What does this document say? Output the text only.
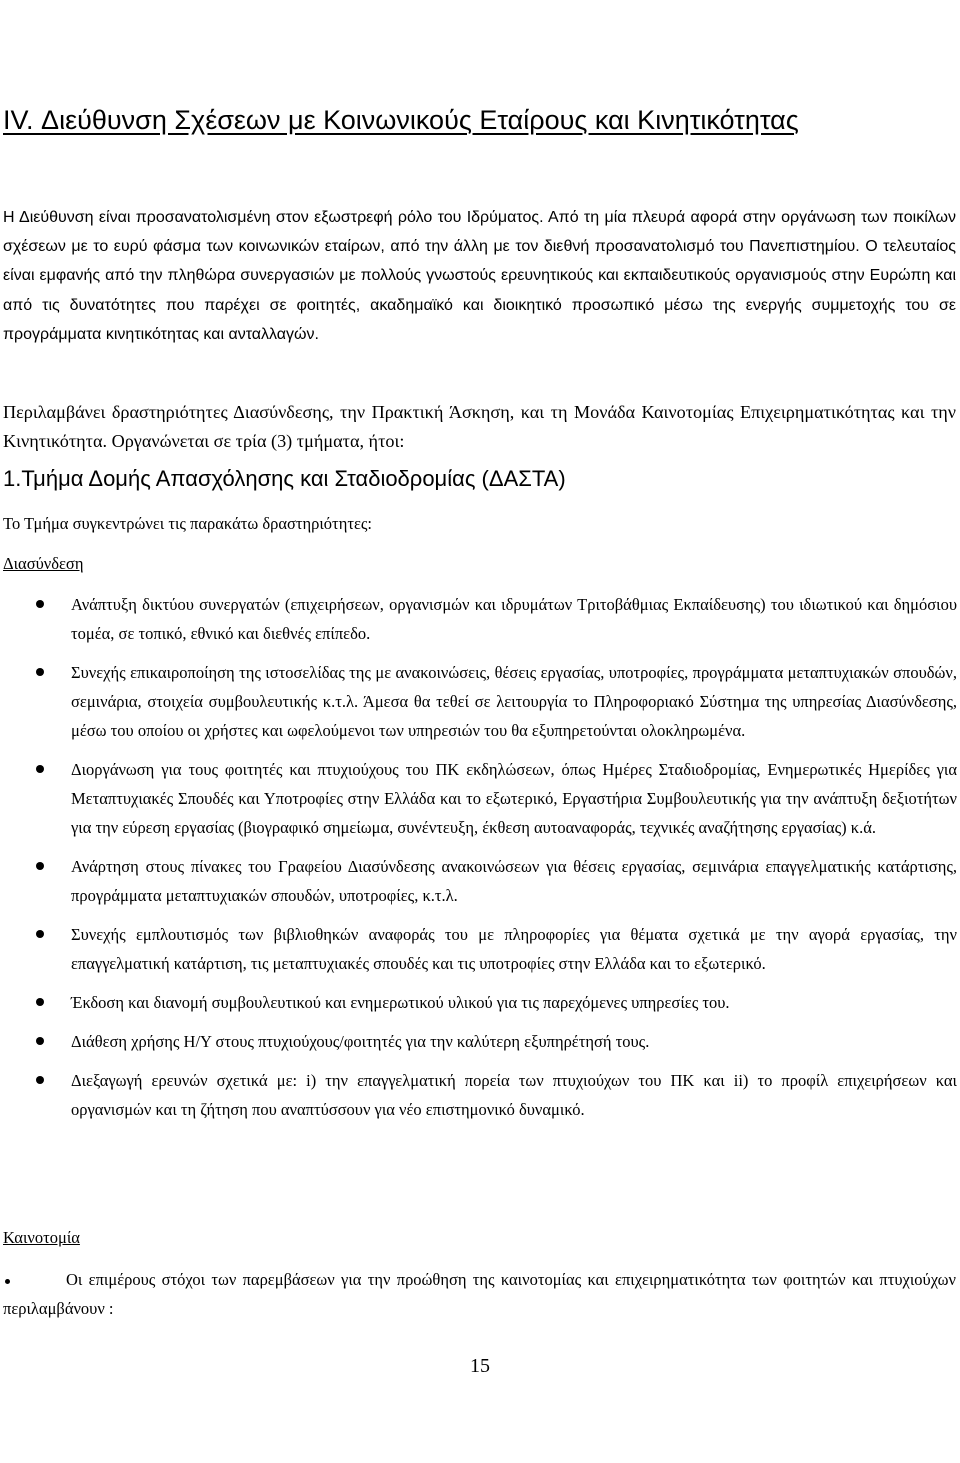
IV. Διεύθυνση Σχέσεων με Κοινωνικούς Εταίρους και Κινητικότητας

Η Διεύθυνση είναι προσανατολισμένη στον εξωστρεφή ρόλο του Ιδρύματος. Από τη μία πλευρά αφορά στην οργάνωση των ποικίλων σχέσεων με το ευρύ φάσμα των κοινωνικών εταίρων, από την άλλη με τον διεθνή προσανατολισμό του Πανεπιστημίου. Ο τελευταίος είναι εμφανής από την πληθώρα συνεργασιών με πολλούς γνωστούς ερευνητικούς και εκπαιδευτικούς οργανισμούς στην Ευρώπη και από τις δυνατότητες που παρέχει σε φοιτητές, ακαδημαϊκό και διοικητικό προσωπικό μέσω της ενεργής συμμετοχής του σε προγράμματα κινητικότητας και ανταλλαγών.

Περιλαμβάνει δραστηριότητες Διασύνδεσης, την Πρακτική Άσκηση, και τη Μονάδα Καινοτομίας Επιχειρηματικότητας και την Κινητικότητα. Οργανώνεται σε τρία (3) τμήματα, ήτοι:

1.Τμήμα Δομής Απασχόλησης και Σταδιοδρομίας (ΔΑΣΤΑ)

Το Τμήμα συγκεντρώνει τις παρακάτω δραστηριότητες:

Διασύνδεση

Ανάπτυξη δικτύου συνεργατών (επιχειρήσεων, οργανισμών και ιδρυμάτων Τριτοβάθμιας Εκπαίδευσης) του ιδιωτικού και δημόσιου τομέα, σε τοπικό, εθνικό και διεθνές επίπεδο.
Συνεχής επικαιροποίηση της ιστοσελίδας της με ανακοινώσεις, θέσεις εργασίας, υποτροφίες, προγράμματα μεταπτυχιακών σπουδών, σεμινάρια, στοιχεία συμβουλευτικής κ.τ.λ. Άμεσα θα τεθεί σε λειτουργία το Πληροφοριακό Σύστημα της υπηρεσίας Διασύνδεσης, μέσω του οποίου οι χρήστες και ωφελούμενοι των υπηρεσιών του θα εξυπηρετούνται ολοκληρωμένα.
Διοργάνωση για τους φοιτητές και πτυχιούχους του ΠΚ εκδηλώσεων, όπως Ημέρες Σταδιοδρομίας, Ενημερωτικές Ημερίδες για Μεταπτυχιακές Σπουδές και Υποτροφίες στην Ελλάδα και το εξωτερικό, Εργαστήρια Συμβουλευτικής για την ανάπτυξη δεξιοτήτων για την εύρεση εργασίας (βιογραφικό σημείωμα, συνέντευξη, έκθεση αυτοαναφοράς, τεχνικές αναζήτησης εργασίας) κ.ά.
Ανάρτηση στους πίνακες του Γραφείου Διασύνδεσης ανακοινώσεων για θέσεις εργασίας, σεμινάρια επαγγελματικής κατάρτισης, προγράμματα μεταπτυχιακών σπουδών, υποτροφίες, κ.τ.λ.
Συνεχής εμπλουτισμός των βιβλιοθηκών αναφοράς του με πληροφορίες για θέματα σχετικά με την αγορά εργασίας, την επαγγελματική κατάρτιση, τις μεταπτυχιακές σπουδές και τις υποτροφίες στην Ελλάδα και το εξωτερικό.
Έκδοση και διανομή συμβουλευτικού και ενημερωτικού υλικού για τις παρεχόμενες υπηρεσίες του.
Διάθεση χρήσης Η/Υ στους πτυχιούχους/φοιτητές για την καλύτερη εξυπηρέτησή τους.
Διεξαγωγή ερευνών σχετικά με: i) την επαγγελματική πορεία των πτυχιούχων του ΠΚ και ii) το προφίλ επιχειρήσεων και οργανισμών και τη ζήτηση που αναπτύσσουν για νέο επιστημονικό δυναμικό.

Καινοτομία

Οι επιμέρους στόχοι των παρεμβάσεων για την προώθηση της καινοτομίας και επιχειρηματικότητα των φοιτητών και πτυχιούχων περιλαμβάνουν :

15
